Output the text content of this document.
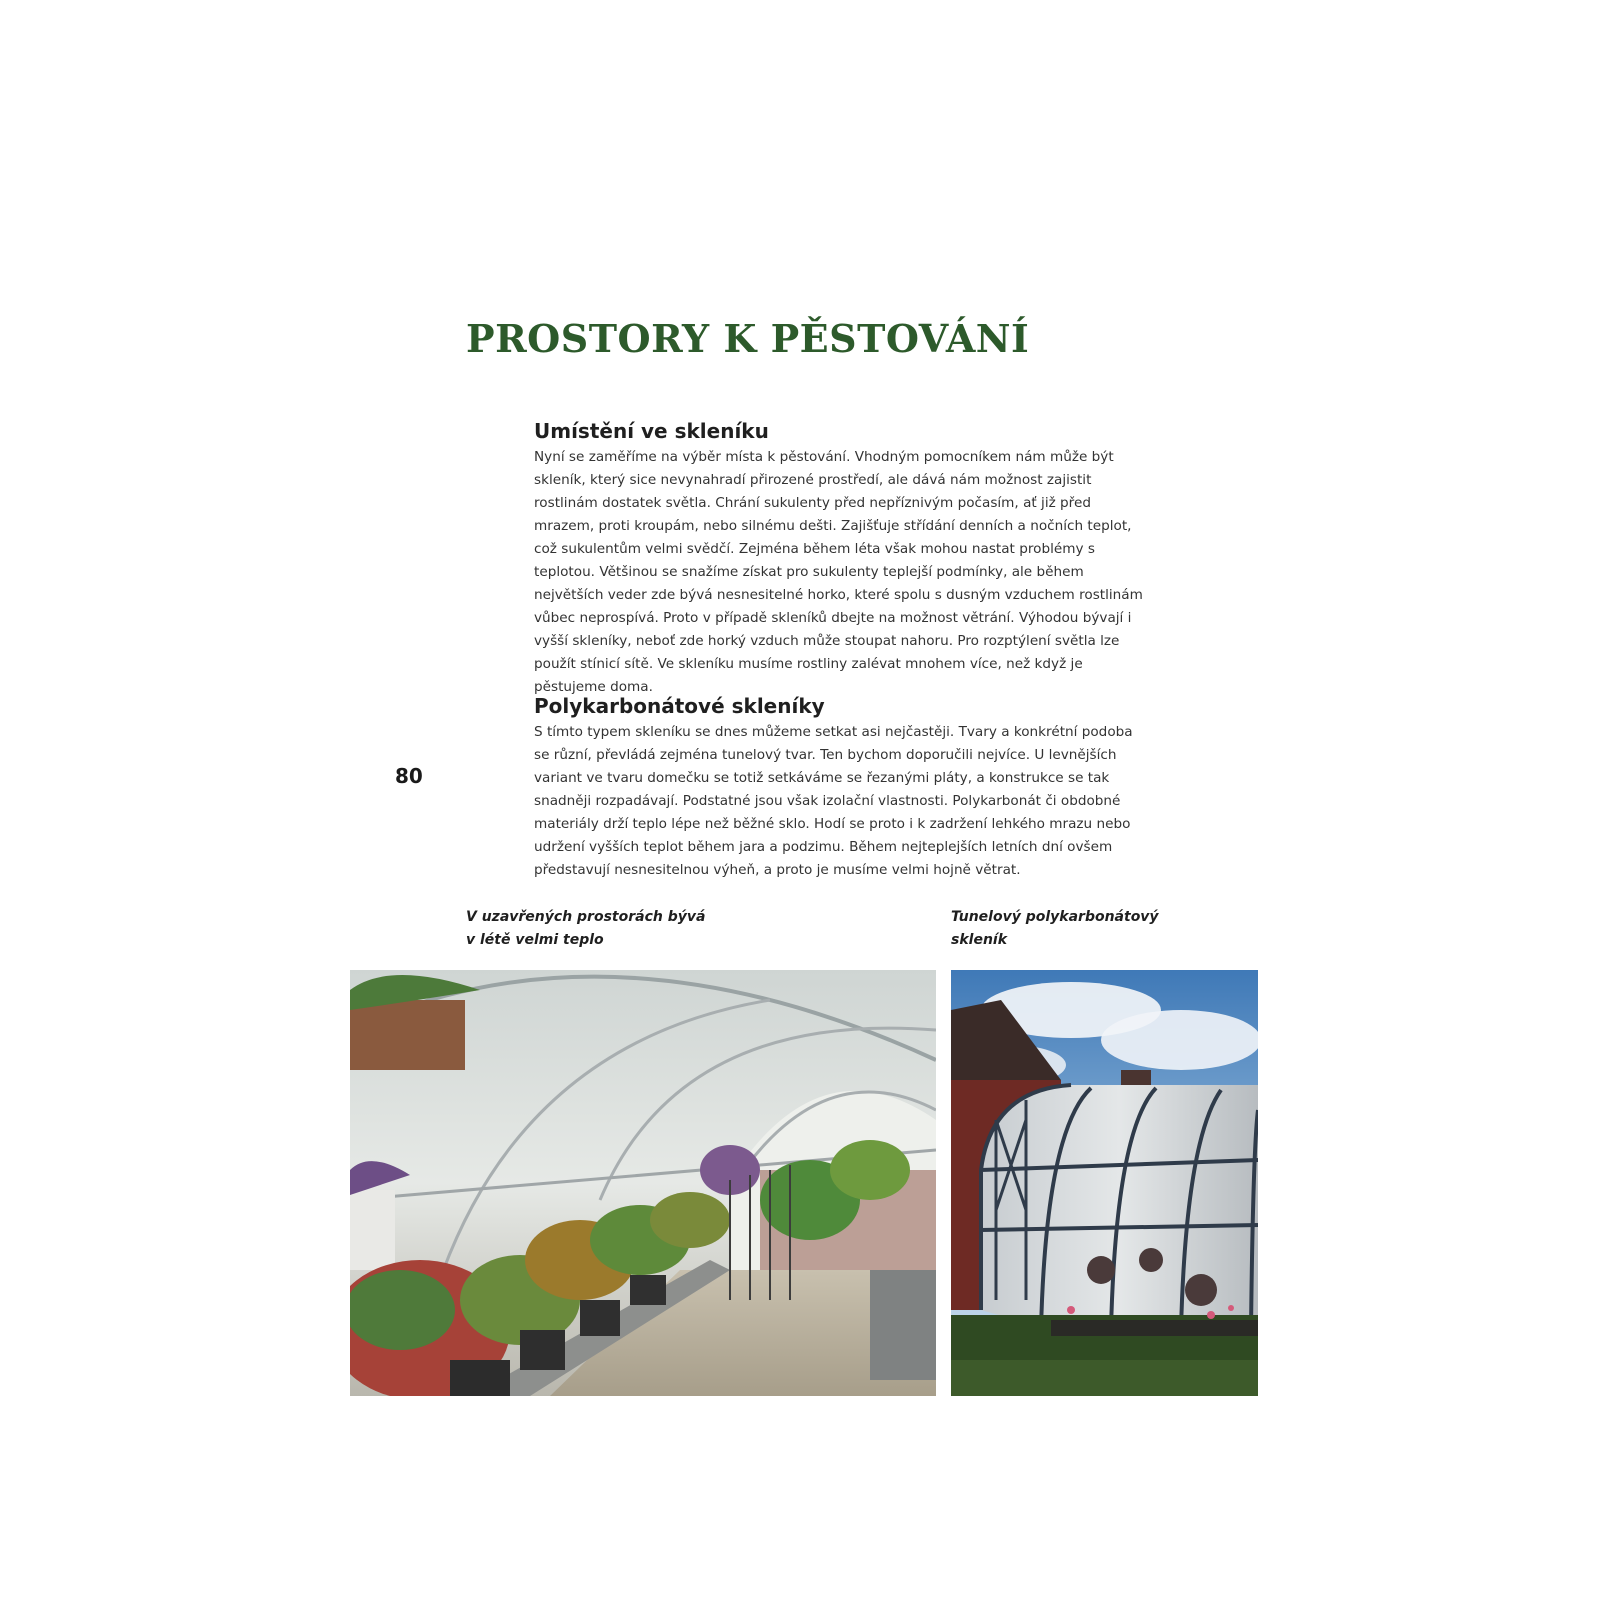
PROSTORY K PĚSTOVÁNÍ
Umístění ve skleníku

Nyní se zaměříme na výběr místa k pěstování. Vhodným pomocníkem nám může být skleník, který sice nevynahradí přirozené prostředí, ale dává nám možnost zajistit rostlinám dostatek světla. Chrání sukulenty před nepříznivým počasím, ať již před mrazem, proti kroupám, nebo silnému dešti. Zajišťuje střídání denních a nočních teplot, což sukulentům velmi svědčí. Zejména během léta však mohou nastat problémy s teplotou. Většinou se snažíme získat pro sukulenty teplejší podmínky, ale během největších veder zde bývá nesnesitelné horko, které spolu s dusným vzduchem rostlinám vůbec neprospívá. Proto v případě skleníků dbejte na možnost větrání. Výhodou bývají i vyšší skleníky, neboť zde horký vzduch může stoupat nahoru. Pro rozptýlení světla lze použít stínicí sítě. Ve skleníku musíme rostliny zalévat mnohem více, než když je pěstujeme doma.

Polykarbonátové skleníky

S tímto typem skleníku se dnes můžeme setkat asi nejčastěji. Tvary a konkrétní podoba se různí, převládá zejména tunelový tvar. Ten bychom doporučili nejvíce. U levnějších variant ve tvaru domečku se totiž setkáváme se řezanými pláty, a konstrukce se tak snadněji rozpadávají. Podstatné jsou však izolační vlastnosti. Polykarbonát či obdobné materiály drží teplo lépe než běžné sklo. Hodí se proto i k zadržení lehkého mrazu nebo udržení vyšších teplot během jara a podzimu. Během nejteplejších letních dní ovšem představují nesnesitelnou výheň, a proto je musíme velmi hojně větrat.

80
V uzavřených prostorách bývá
v létě velmi teplo
Tunelový polykarbonátový
skleník
